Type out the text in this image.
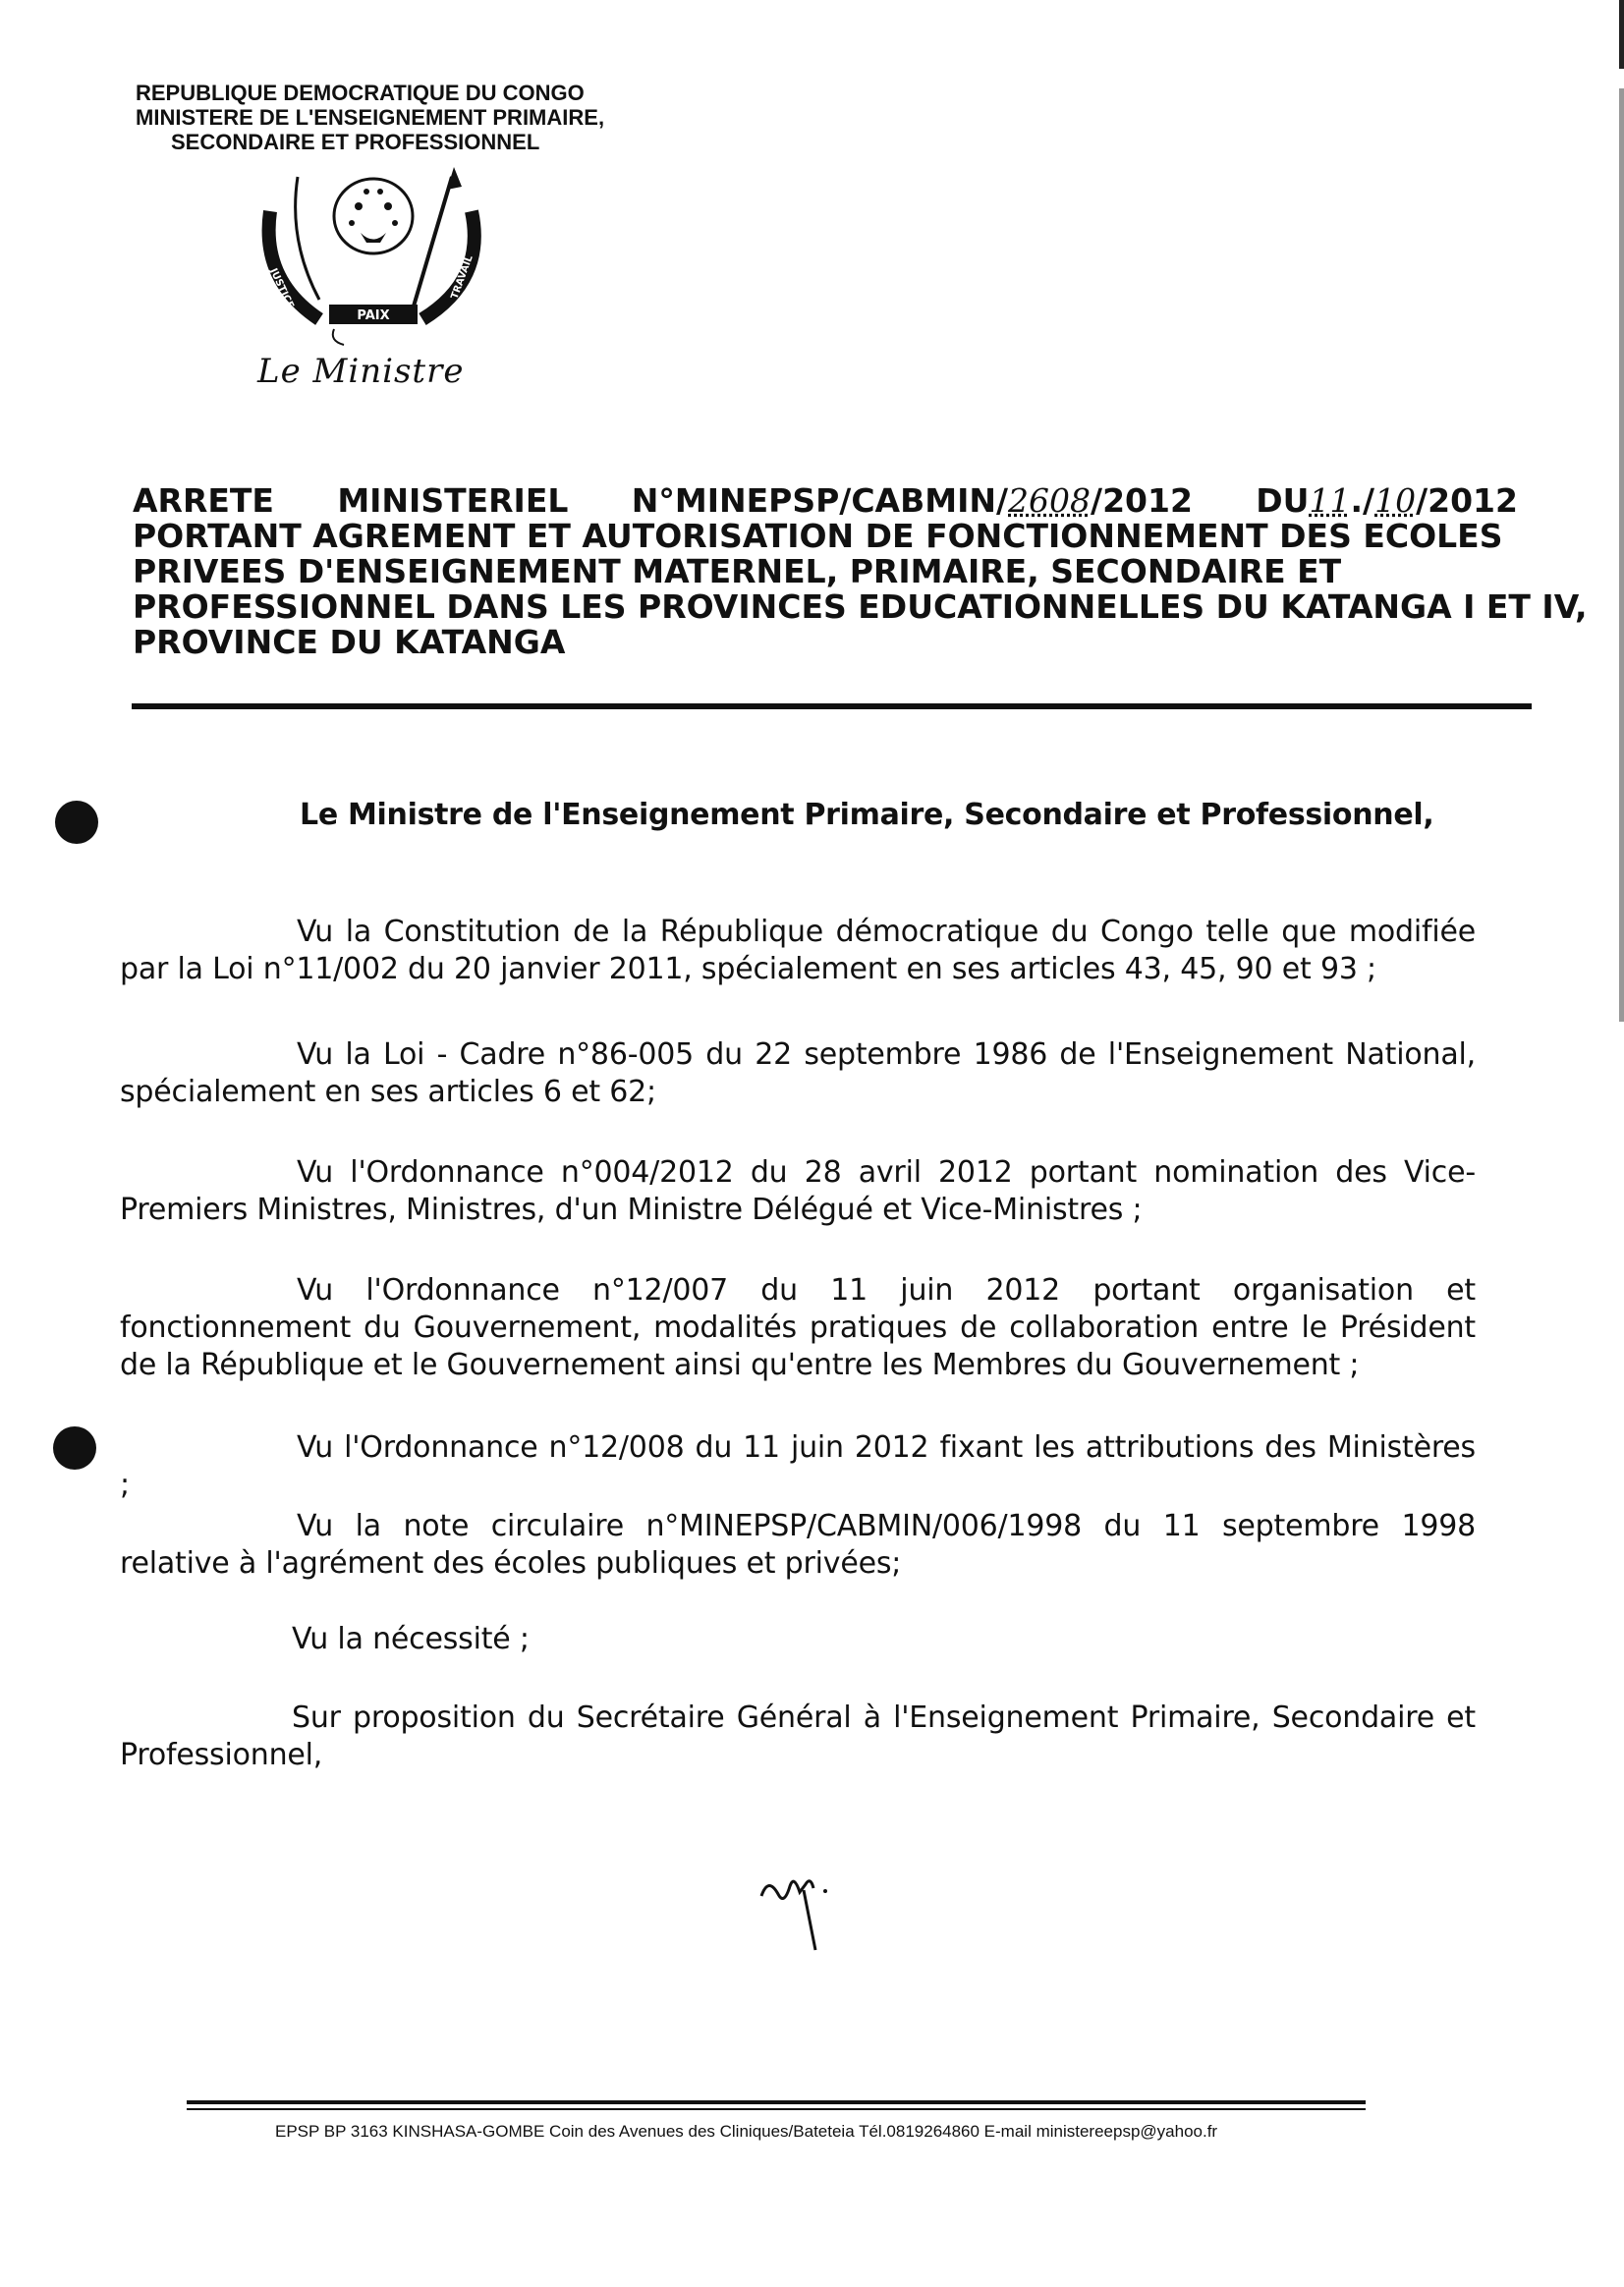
REPUBLIQUE DEMOCRATIQUE DU CONGO

MINISTERE DE L'ENSEIGNEMENT PRIMAIRE,
SECONDAIRE ET PROFESSIONNEL
PAIX
JUSTICE	TRAVAIL
Le Ministre
ARRETE MINISTERIEL N°MINEPSP/CABMIN/2608/2012 DU11./10/2012
PORTANT AGREMENT ET AUTORISATION DE FONCTIONNEMENT DES ECOLES
PRIVEES D'ENSEIGNEMENT MATERNEL, PRIMAIRE, SECONDAIRE ET
PROFESSIONNEL DANS LES PROVINCES EDUCATIONNELLES DU KATANGA I ET IV,
PROVINCE DU KATANGA
Le Ministre de l'Enseignement Primaire, Secondaire et Professionnel,
Vu la Constitution de la République démocratique du Congo telle que modifiée par la Loi n°11/002 du 20 janvier 2011, spécialement en ses articles 43, 45, 90 et 93 ;
Vu la Loi - Cadre n°86-005 du 22 septembre 1986 de l'Enseignement National, spécialement en ses articles 6 et 62;
Vu l'Ordonnance n°004/2012 du 28 avril 2012 portant nomination des Vice-Premiers Ministres, Ministres, d'un Ministre Délégué et Vice-Ministres ;
Vu l'Ordonnance n°12/007 du 11 juin 2012 portant organisation et fonctionnement du Gouvernement, modalités pratiques de collaboration entre le Président de la République et le Gouvernement ainsi qu'entre les Membres du Gouvernement ;
Vu l'Ordonnance n°12/008 du 11 juin 2012 fixant les attributions des Ministères ;
Vu la note circulaire n°MINEPSP/CABMIN/006/1998 du 11 septembre 1998 relative à l'agrément des écoles publiques et privées;
Vu la nécessité ;
Sur proposition du Secrétaire Général à l'Enseignement Primaire, Secondaire et Professionnel,
EPSP BP 3163 KINSHASA-GOMBE Coin des Avenues des Cliniques/Bateteia Tél.0819264860 E-mail ministereepsp@yahoo.fr
